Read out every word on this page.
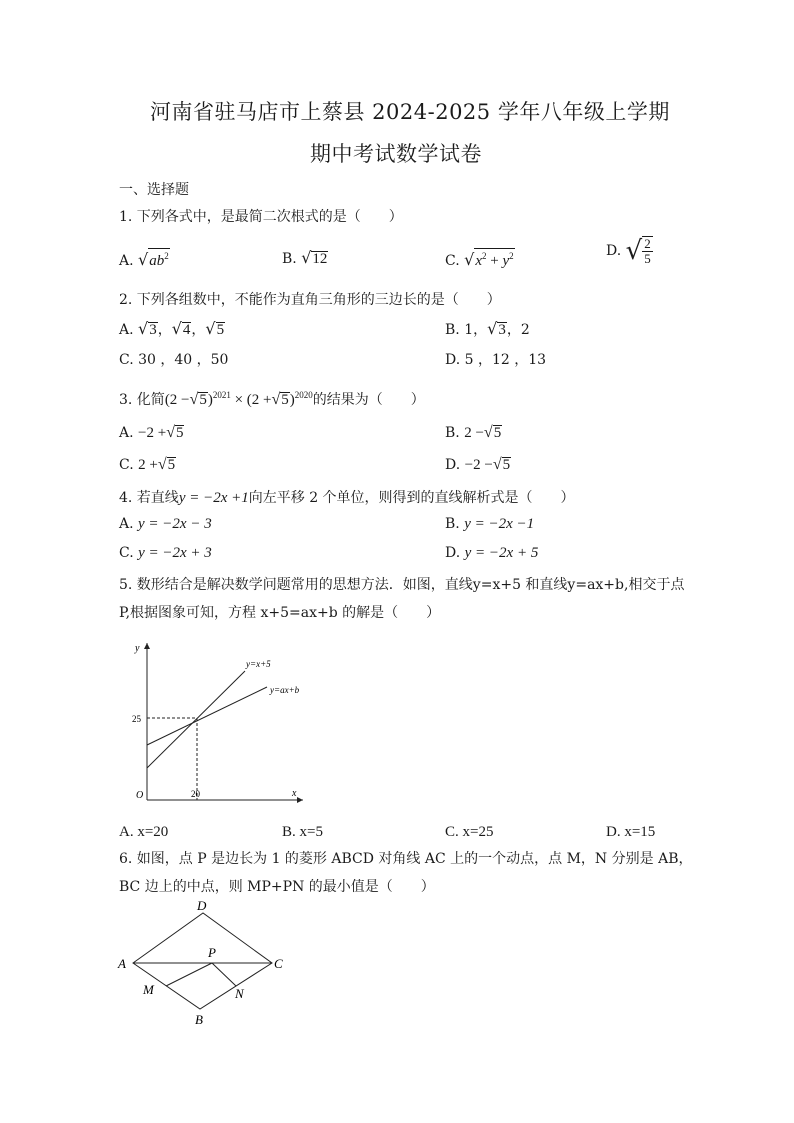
河南省驻马店市上蔡县 2024-2025 学年八年级上学期
期中考试数学试卷
一、选择题
1. 下列各式中，是最简二次根式的是（　　）
A. $√ab^2$	B. √12	C. $√x^2 + y^2$	D. √ $\frac{2}{5}$
2. 下列各组数中，不能作为直角三角形的三边长的是（　　）
A. √3，√4，√5	B. 1，√3，2
C. 30 ，40 ，50	D. 5 ，12 ，13
3. 化简$(2 -√5)^{2021} \times (2 +√5)^{2020}$的结果为（　　）
A. −2 +√5	B. 2 −√5
C. 2 +√5	D. −2 −√5
4. 若直线y = −2x +1向左平移 2 个单位，则得到的直线解析式是（　　）
A. y = −2x − 3	B. y = −2x −1
C. y = −2x + 3	D. y = −2x + 5
5. 数形结合是解决数学问题常用的思想方法．如图，直线y=x+5 和直线y=ax+b,相交于点
P,根据图象可知，方程 x+5=ax+b 的解是（　　）
y
x
O
25
20
y=x+5
y=ax+b
A. x=20	B. x=5	C. x=25	D. x=15
6. 如图，点 P 是边长为 1 的菱形 ABCD 对角线 AC 上的一个动点，点 M，N 分别是 AB，
BC 边上的中点，则 MP+PN 的最小值是（　　）
D
A	C
B
P
M	N
